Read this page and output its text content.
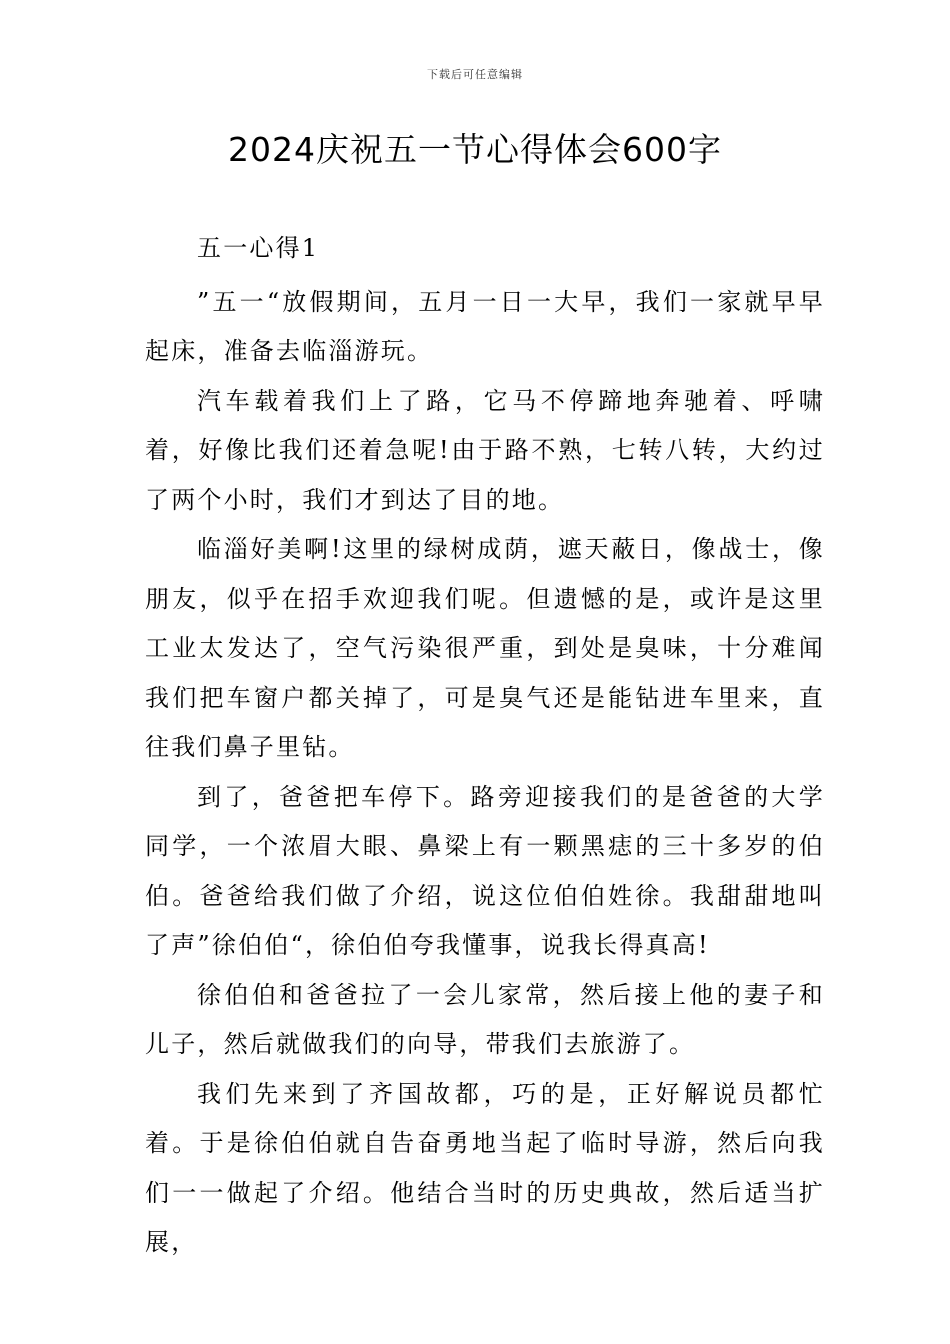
下载后可任意编辑
2024庆祝五一节心得体会600字

五一心得1

”五一“放假期间，五月一日一大早，我们一家就早早起床，准备去临淄游玩。

汽车载着我们上了路，它马不停蹄地奔驰着、呼啸着，好像比我们还着急呢!由于路不熟，七转八转，大约过了两个小时，我们才到达了目的地。

临淄好美啊!这里的绿树成荫，遮天蔽日，像战士，像朋友，似乎在招手欢迎我们呢。但遗憾的是，或许是这里工业太发达了，空气污染很严重，到处是臭味，十分难闻我们把车窗户都关掉了，可是臭气还是能钻进车里来，直往我们鼻子里钻。

到了，爸爸把车停下。路旁迎接我们的是爸爸的大学同学，一个浓眉大眼、鼻梁上有一颗黑痣的三十多岁的伯伯。爸爸给我们做了介绍，说这位伯伯姓徐。我甜甜地叫了声”徐伯伯“，徐伯伯夸我懂事，说我长得真高!

徐伯伯和爸爸拉了一会儿家常，然后接上他的妻子和儿子，然后就做我们的向导，带我们去旅游了。

我们先来到了齐国故都，巧的是，正好解说员都忙着。于是徐伯伯就自告奋勇地当起了临时导游，然后向我们一一做起了介绍。他结合当时的历史典故，然后适当扩展，
